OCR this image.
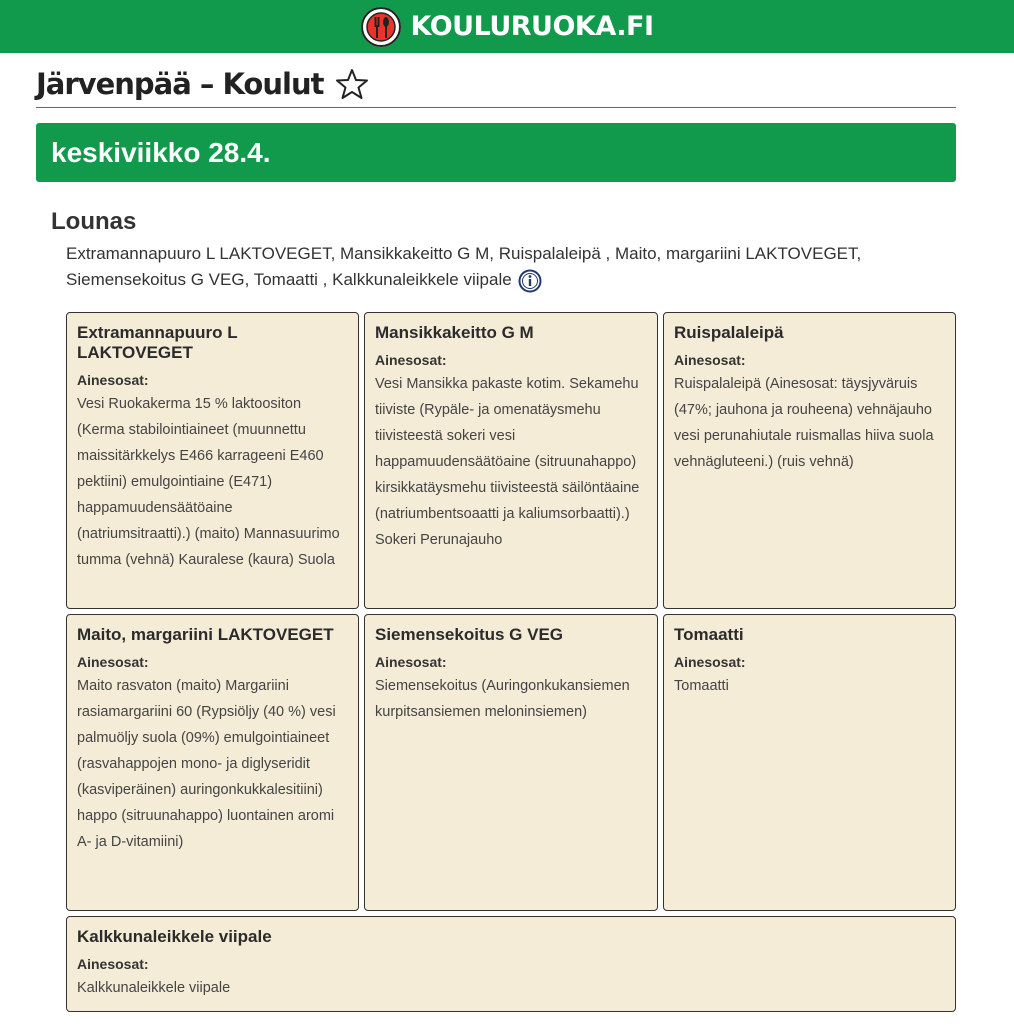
KOULURUOKA.FI
Järvenpää – Koulut
keskiviikko 28.4.
Lounas

Extramannapuuro L LAKTOVEGET, Mansikkakeitto G M, Ruispalaleipä , Maito, margariini LAKTOVEGET, Siemensekoitus G VEG, Tomaatti , Kalkkunaleikkele viipale

Extramannapuuro L LAKTOVEGET
Ainesosat:
Vesi Ruokakerma 15 % laktoositon (Kerma stabilointiaineet (muunnettu maissitärkkelys E466 karrageeni E460 pektiini) emulgointiaine (E471) happamuudensäätöaine (natriumsitraatti).) (maito) Mannasuurimo tumma (vehnä) Kauralese (kaura) Suola
Mansikkakeitto G M
Ainesosat:
Vesi Mansikka pakaste kotim. Sekamehu tiiviste (Rypäle- ja omenatäysmehu tiivisteestä sokeri vesi happamuudensäätöaine (sitruunahappo) kirsikkatäysmehu tiivisteestä säilöntäaine (natriumbentsoaatti ja kaliumsorbaatti).) Sokeri Perunajauho
Ruispalaleipä
Ainesosat:
Ruispalaleipä (Ainesosat: täysjyväruis (47%; jauhona ja rouheena) vehnäjauho vesi perunahiutale ruismallas hiiva suola vehnägluteeni.) (ruis vehnä)
Maito, margariini LAKTOVEGET
Ainesosat:
Maito rasvaton (maito) Margariini rasiamargariini 60 (Rypsiöljy (40 %) vesi palmuöljy suola (09%) emulgointiaineet (rasvahappojen mono- ja diglyseridit (kasviperäinen) auringonkukkalesitiini) happo (sitruunahappo) luontainen aromi A- ja D-vitamiini)
Siemensekoitus G VEG
Ainesosat:
Siemensekoitus (Auringonkukansiemen kurpitsansiemen meloninsiemen)
Tomaatti
Ainesosat:
Tomaatti
Kalkkunaleikkele viipale
Ainesosat:
Kalkkunaleikkele viipale
